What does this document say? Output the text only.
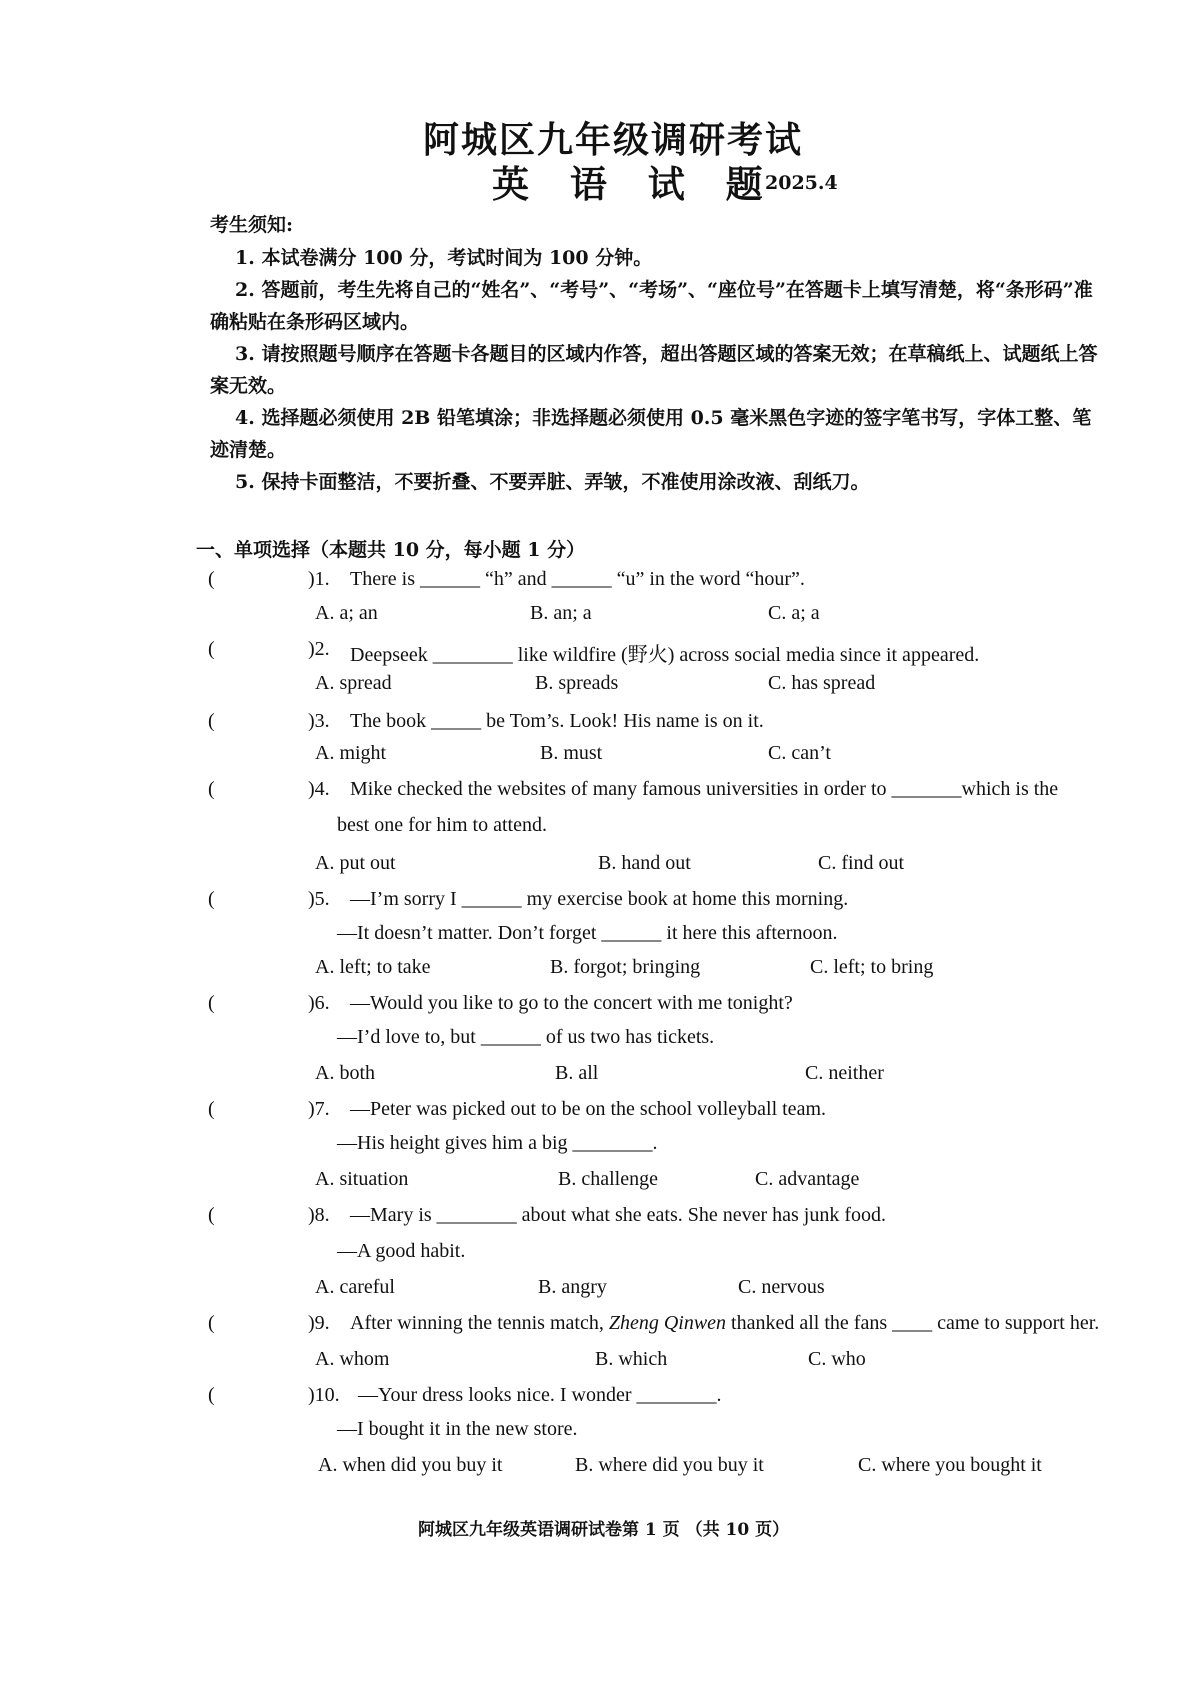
阿城区九年级调研考试
英 语 试 题
2025.4
考生须知:

1. 本试卷满分 100 分，考试时间为 100 分钟。

2. 答题前，考生先将自己的“姓名”、“考号”、“考场”、“座位号”在答题卡上填写清楚，将“条形码”准确粘贴在条形码区域内。

3. 请按照题号顺序在答题卡各题目的区域内作答，超出答题区域的答案无效；在草稿纸上、试题纸上答案无效。

4. 选择题必须使用 2B 铅笔填涂；非选择题必须使用 0.5 毫米黑色字迹的签字笔书写，字体工整、笔迹清楚。

5. 保持卡面整洁，不要折叠、不要弄脏、弄皱，不准使用涂改液、刮纸刀。

一、单项选择（本题共 10 分，每小题 1 分）
(	)1. There is ______ “h” and ______ “u” in the word “hour”.
A. a; an	B. an; a	C. a; a
(	)2. Deepseek ________ like wildfire (野火) across social media since it appeared.
A. spread	B. spreads	C. has spread
(	)3. The book _____ be Tom’s. Look! His name is on it.
A. might	B. must	C. can’t
(	)4. Mike checked the websites of many famous universities in order to _______which is the
best one for him to attend.
A. put out	B. hand out	C. find out
(	)5. —I’m sorry I ______ my exercise book at home this morning.
—It doesn’t matter. Don’t forget ______ it here this afternoon.
A. left; to take	B. forgot; bringing	C. left; to bring
(	)6. —Would you like to go to the concert with me tonight?
—I’d love to, but ______ of us two has tickets.
A. both	B. all	C. neither
(	)7. —Peter was picked out to be on the school volleyball team.
—His height gives him a big ________.
A. situation	B. challenge	C. advantage
(	)8. —Mary is ________ about what she eats. She never has junk food.
—A good habit.
A. careful	B. angry	C. nervous
(	)9. After winning the tennis match, Zheng Qinwen thanked all the fans ____ came to support her.
A. whom	B. which	C. who
(	)10. —Your dress looks nice. I wonder ________.
—I bought it in the new store.
A. when did you buy it	B. where did you buy it	C. where you bought it
阿城区九年级英语调研试卷第 1 页 （共 10 页）
